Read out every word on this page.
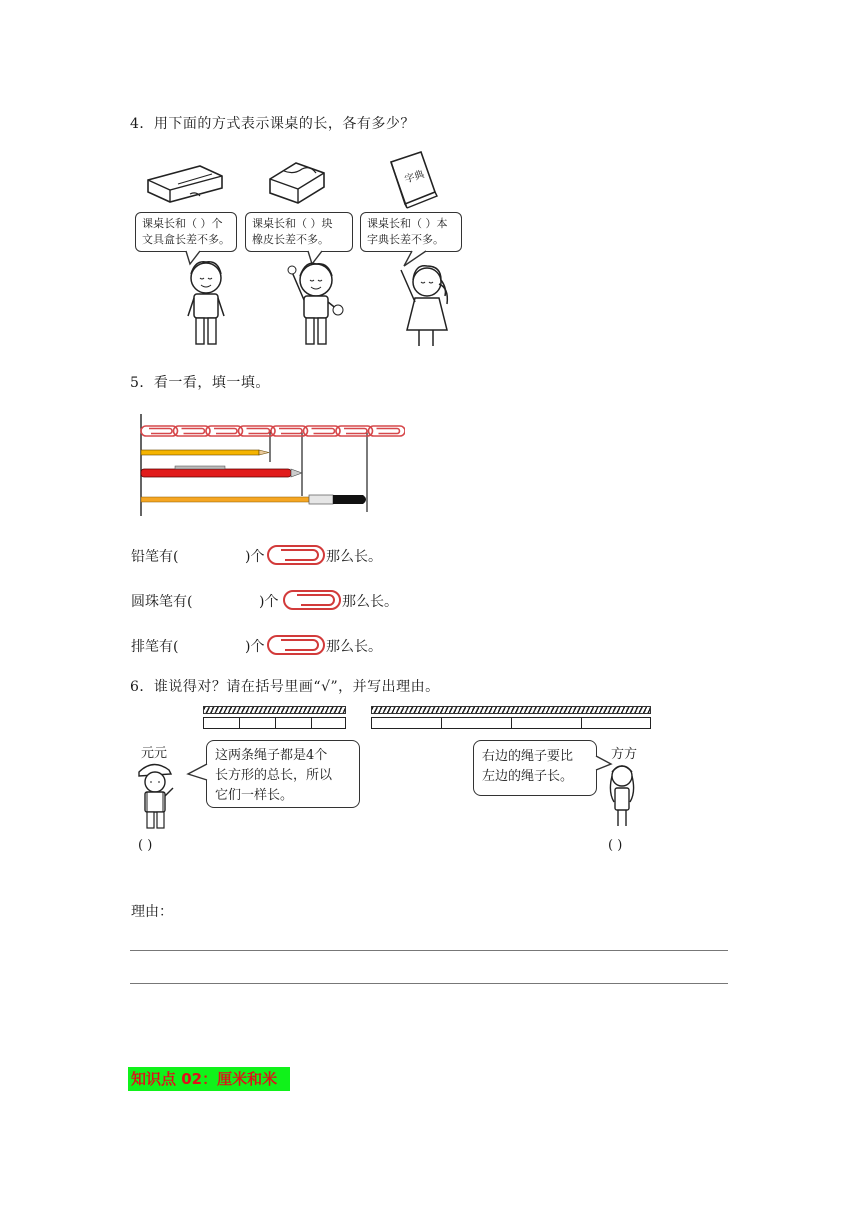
4．用下面的方式表示课桌的长，各有多少？
字典
课桌长和（ ）个
文具盒长差不多。
课桌长和（ ）块
橡皮长差不多。
课桌长和（ ）本
字典长差不多。
5．看一看，填一填。
铅笔有(	)个	那么长。
圆珠笔有(	)个	那么长。
排笔有(	)个	那么长。
6．谁说得对？请在括号里画“√”，并写出理由。
元元	方方
这两条绳子都是4个
长方形的总长，所以
它们一样长。
右边的绳子要比
左边的绳子长。
( )	( )
理由：
知识点 02：厘米和米
